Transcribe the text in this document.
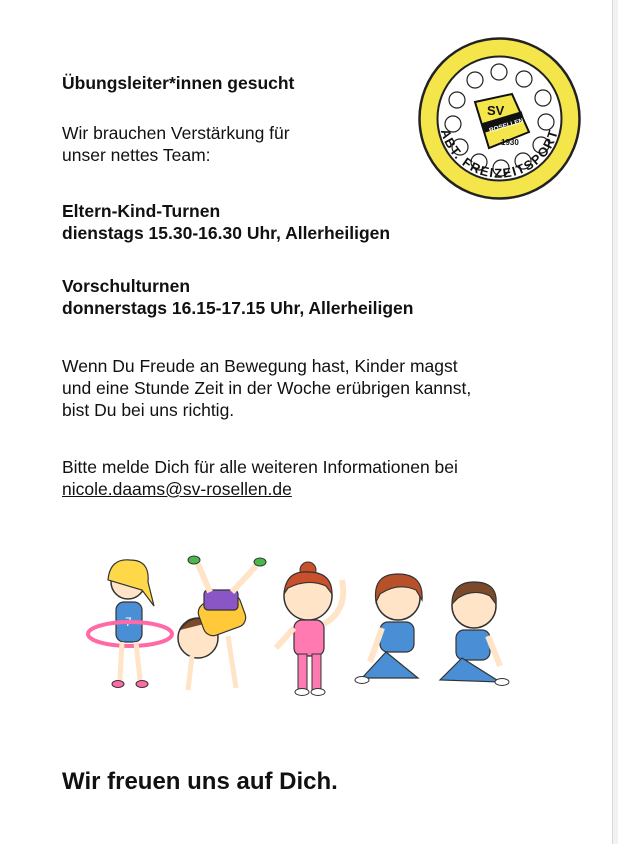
Übungsleiter*innen gesucht

Wir brauchen Verstärkung für
unser nettes Team:

Eltern-Kind-Turnen
dienstags 15.30-16.30 Uhr, Allerheiligen

Vorschulturnen
donnerstags 16.15-17.15 Uhr, Allerheiligen

Wenn Du Freude an Bewegung hast, Kinder magst
und eine Stunde Zeit in der Woche erübrigen kannst,
bist Du bei uns richtig.

Bitte melde Dich für alle weiteren Informationen bei
nicole.daams@sv-rosellen.de

SV
ROSELLEN
1930
ABT. FREIZEITSPORT
7

Wir freuen uns auf Dich.
